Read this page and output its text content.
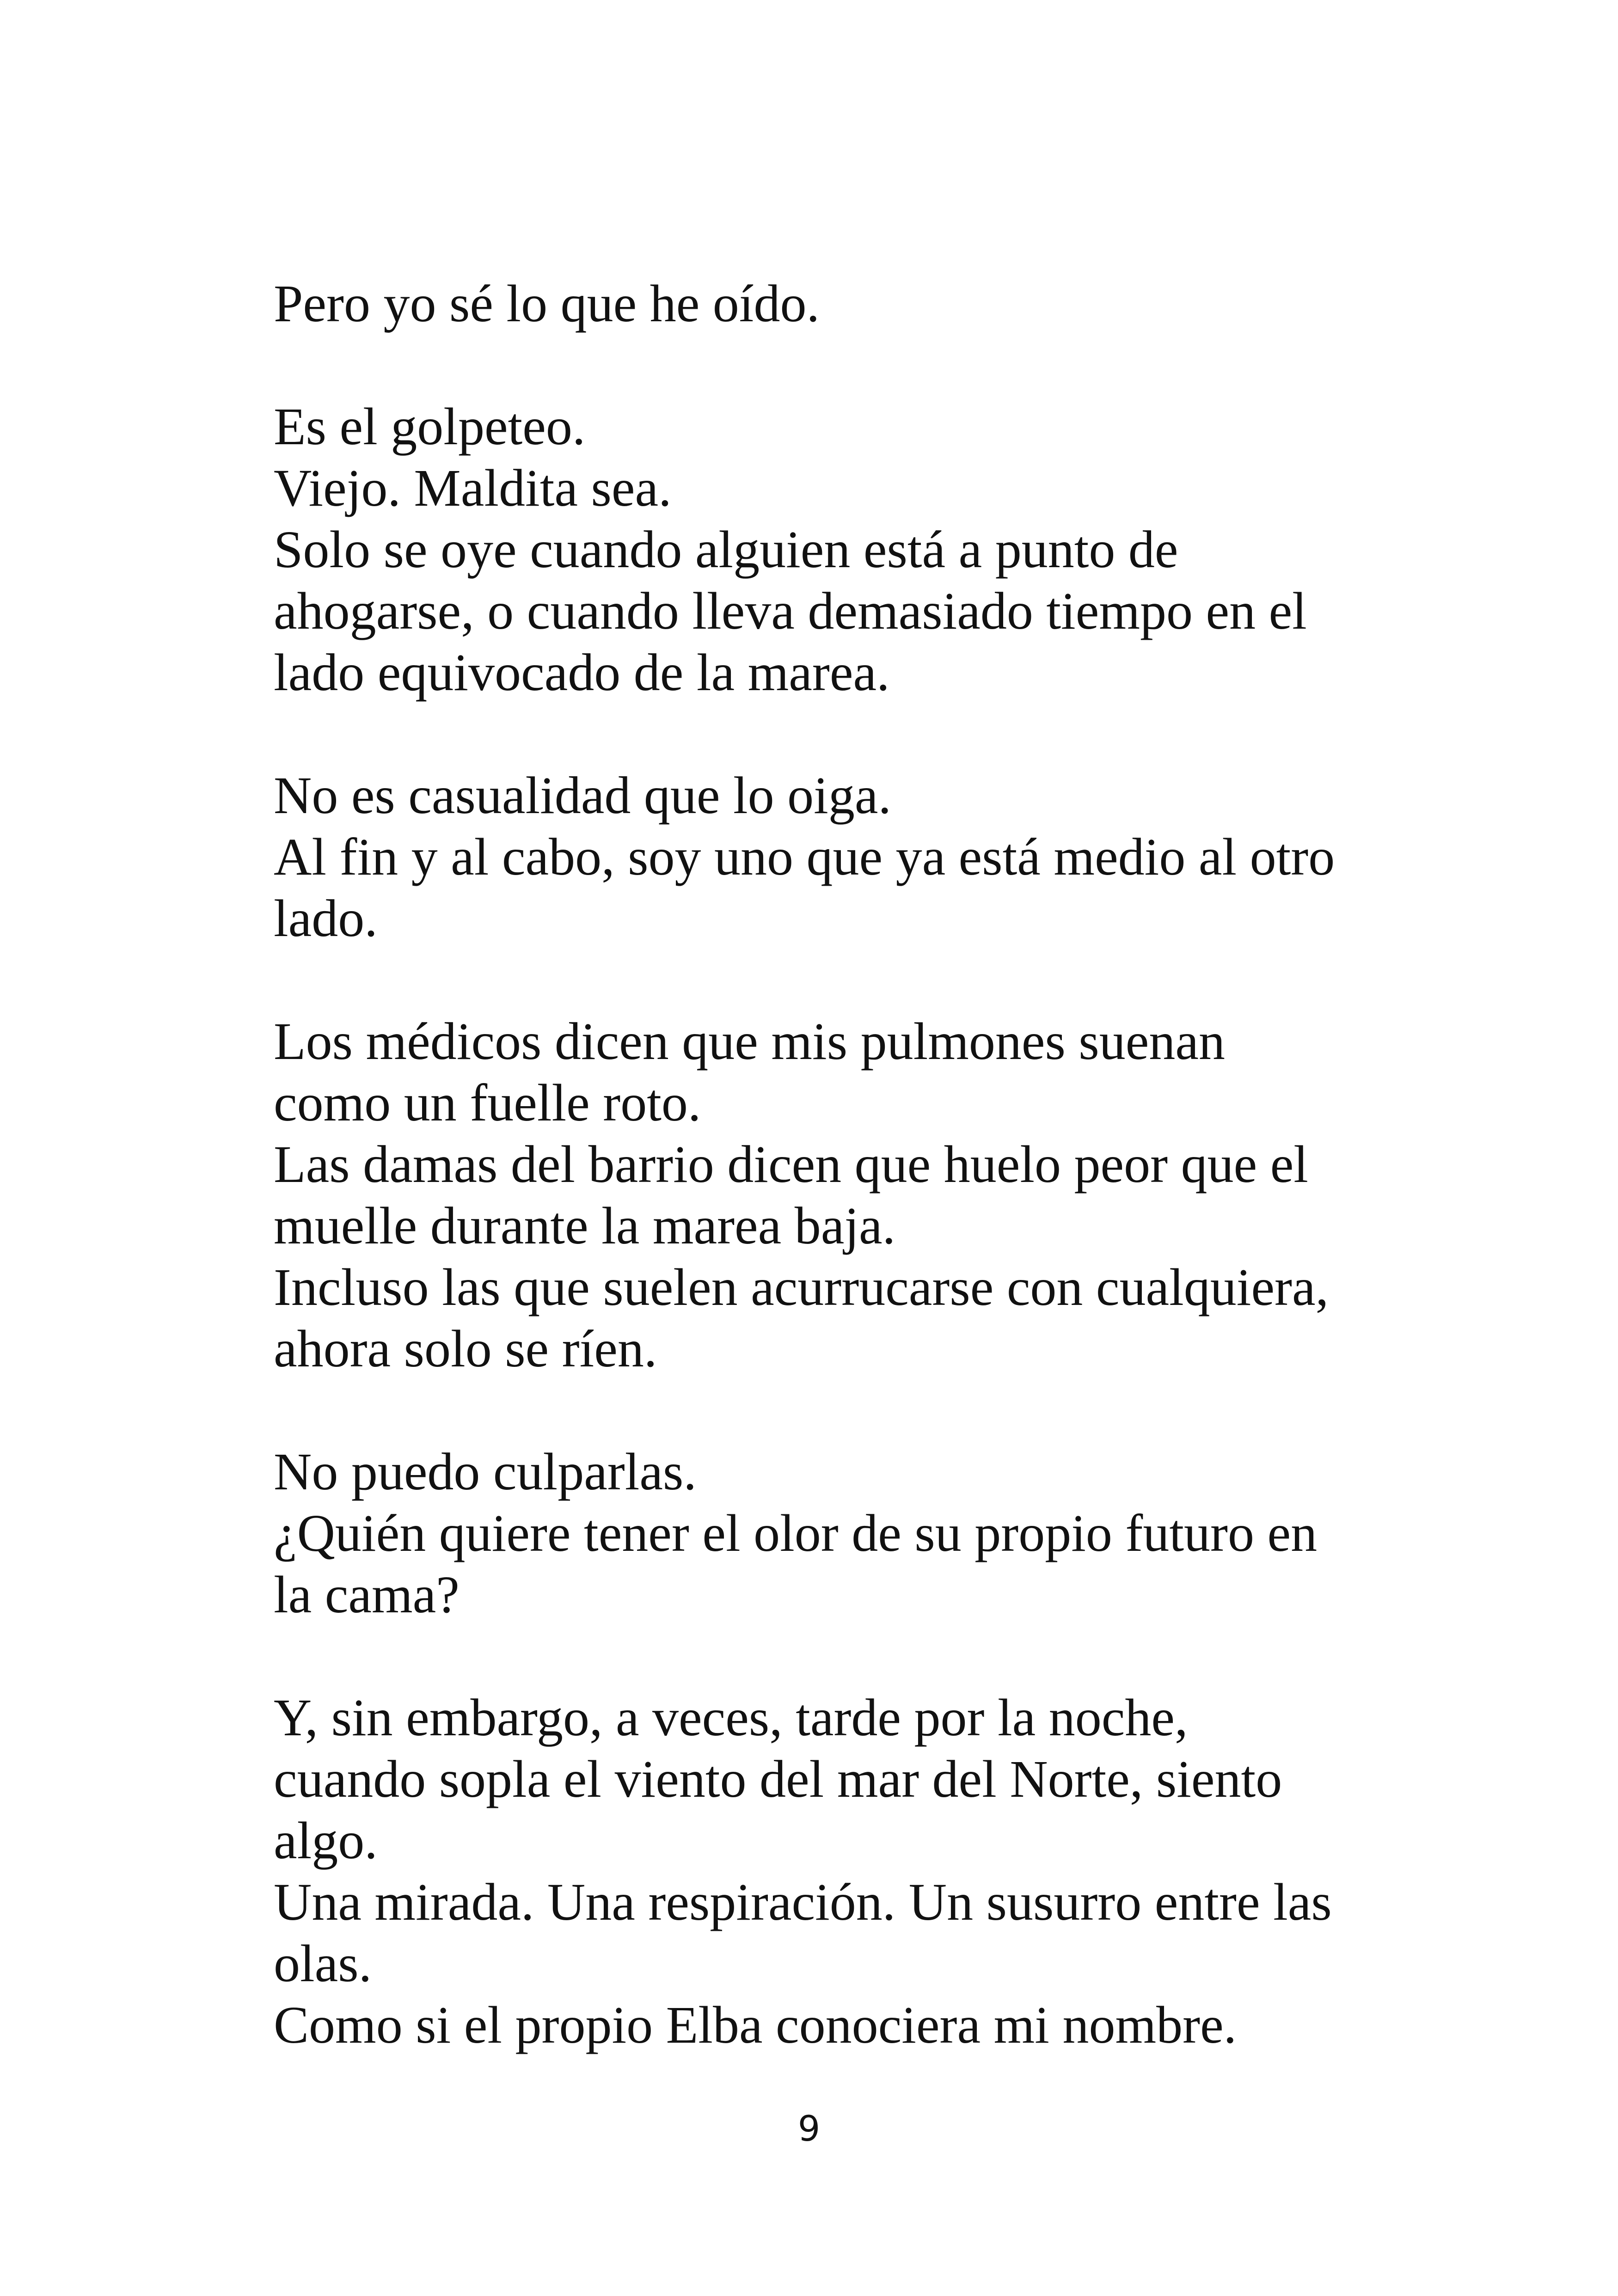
Pero yo sé lo que he oído.

Es el golpeteo.
Viejo. Maldita sea.
Solo se oye cuando alguien está a punto de
ahogarse, o cuando lleva demasiado tiempo en el
lado equivocado de la marea.

No es casualidad que lo oiga.
Al fin y al cabo, soy uno que ya está medio al otro
lado.

Los médicos dicen que mis pulmones suenan
como un fuelle roto.
Las damas del barrio dicen que huelo peor que el
muelle durante la marea baja.
Incluso las que suelen acurrucarse con cualquiera,
ahora solo se ríen.

No puedo culparlas.
¿Quién quiere tener el olor de su propio futuro en
la cama?

Y, sin embargo, a veces, tarde por la noche,
cuando sopla el viento del mar del Norte, siento
algo.
Una mirada. Una respiración. Un susurro entre las
olas.
Como si el propio Elba conociera mi nombre.

9
